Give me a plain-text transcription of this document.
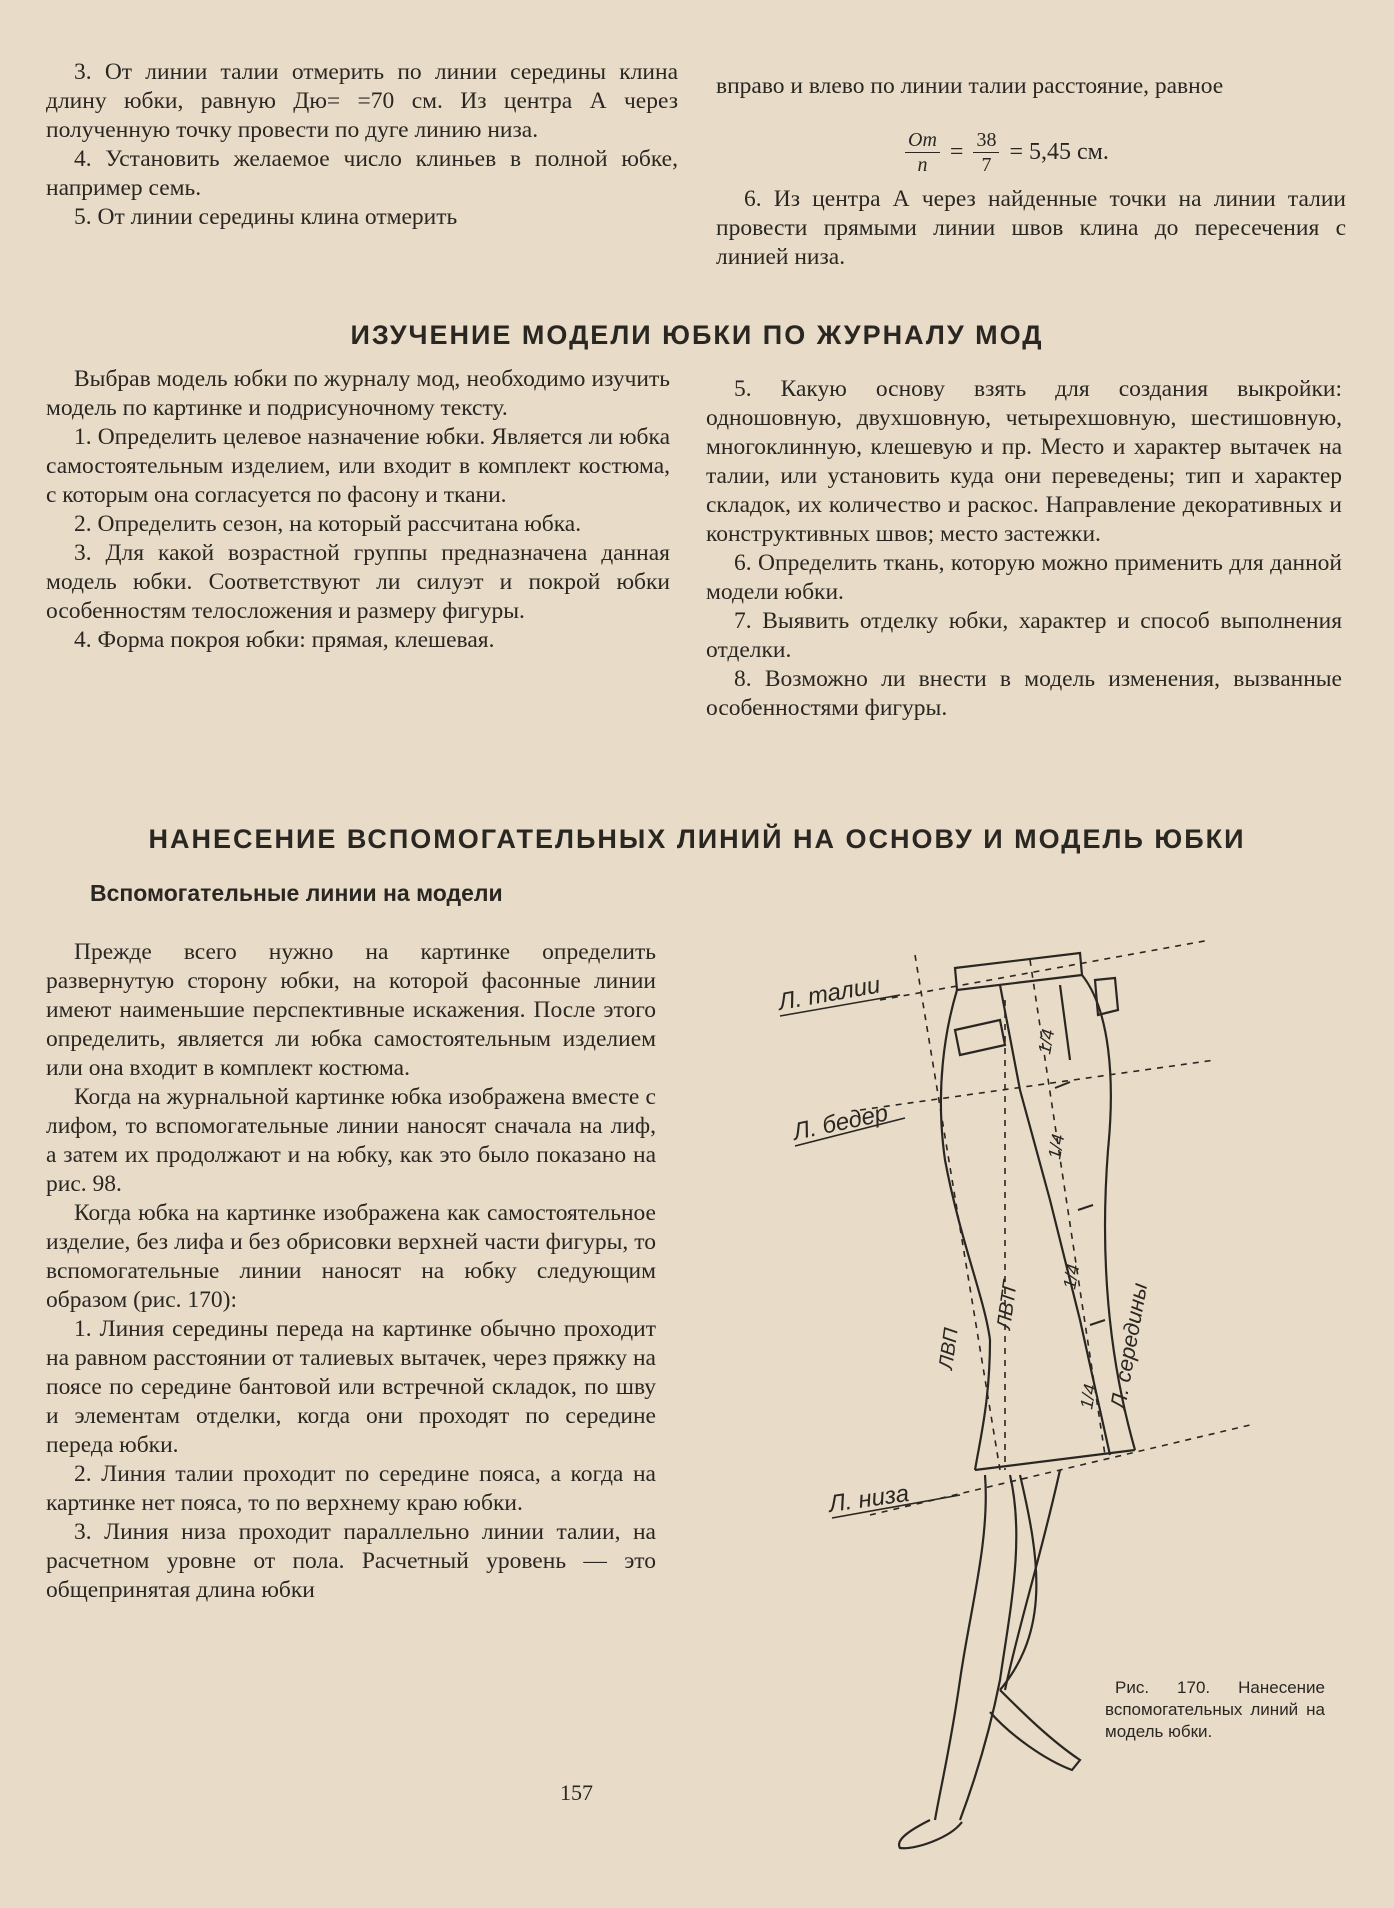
3. От линии талии отмерить по линии середины клина длину юбки, равную Дю= =70 см. Из центра А через полученную точку провести по дуге линию низа.

4. Установить желаемое число клиньев в полной юбке, например семь.

5. От линии середины клина отмерить

вправо и влево по линии талии расстояние, равное

$\frac{От}{n} = \frac{38}{7} = 5,45$ см.

6. Из центра А через найденные точки на линии талии провести прямыми линии швов клина до пересечения с линией низа.

ИЗУЧЕНИЕ МОДЕЛИ ЮБКИ ПО ЖУРНАЛУ МОД

Выбрав модель юбки по журналу мод, необходимо изучить модель по картинке и подрисуночному тексту.

1. Определить целевое назначение юбки. Является ли юбка самостоятельным изделием, или входит в комплект костюма, с которым она согласуется по фасону и ткани.

2. Определить сезон, на который рассчитана юбка.

3. Для какой возрастной группы предназначена данная модель юбки. Соответствуют ли силуэт и покрой юбки особенностям телосложения и размеру фигуры.

4. Форма покроя юбки: прямая, клешевая.

5. Какую основу взять для создания выкройки: одношовную, двухшовную, четырехшовную, шестишовную, многоклинную, клешевую и пр. Место и характер вытачек на талии, или установить куда они переведены; тип и характер складок, их количество и раскос. Направление декоративных и конструктивных швов; место застежки.

6. Определить ткань, которую можно применить для данной модели юбки.

7. Выявить отделку юбки, характер и способ выполнения отделки.

8. Возможно ли внести в модель изменения, вызванные особенностями фигуры.

НАНЕСЕНИЕ ВСПОМОГАТЕЛЬНЫХ ЛИНИЙ НА ОСНОВУ И МОДЕЛЬ ЮБКИ
Вспомогательные линии на модели

Прежде всего нужно на картинке определить развернутую сторону юбки, на которой фасонные линии имеют наименьшие перспективные искажения. После этого определить, является ли юбка самостоятельным изделием или она входит в комплект костюма.

Когда на журнальной картинке юбка изображена вместе с лифом, то вспомогательные линии наносят сначала на лиф, а затем их продолжают и на юбку, как это было показано на рис. 98.

Когда юбка на картинке изображена как самостоятельное изделие, без лифа и без обрисовки верхней части фигуры, то вспомогательные линии наносят на юбку следующим образом (рис. 170):

1. Линия середины переда на картинке обычно проходит на равном расстоянии от талиевых вытачек, через пряжку на поясе по середине бантовой или встречной складок, по шву и элементам отделки, когда они проходят по середине переда юбки.

2. Линия талии проходит по середине пояса, а когда на картинке нет пояса, то по верхнему краю юбки.

3. Линия низа проходит параллельно линии талии, на расчетном уровне от пола. Расчетный уровень — это общепринятая длина юбки

Л. талии
Л. бедер
Л. низа
ЛВП
ЛВТГ	Л. середины
1/4
1/4
1/4
1/4

Рис. 170. Нанесение вспомогательных линий на модель юбки.

157
